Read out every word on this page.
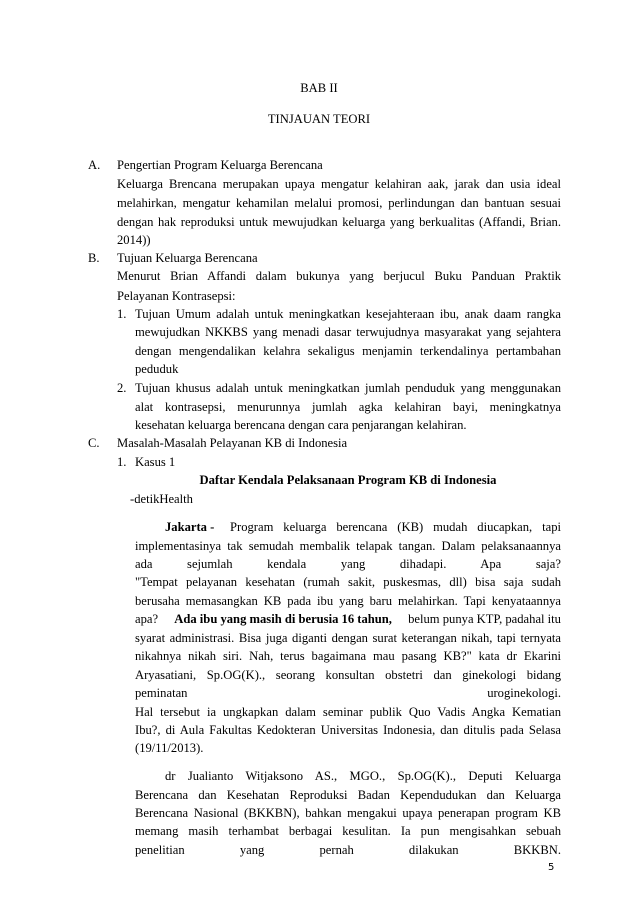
BAB II
TINJAUAN TEORI
A. Pengertian Program Keluarga Berencana
Keluarga Brencana merupakan upaya mengatur kelahiran aak, jarak dan usia ideal
melahirkan, mengatur kehamilan melalui promosi, perlindungan dan bantuan sesuai
dengan hak reproduksi untuk mewujudkan keluarga yang berkualitas (Affandi, Brian.
2014))
B. Tujuan Keluarga Berencana
Menurut Brian Affandi dalam bukunya yang berjucul Buku Panduan Praktik
Pelayanan Kontrasepsi:
1. Tujuan Umum adalah untuk meningkatkan kesejahteraan ibu, anak daam rangka
mewujudkan NKKBS yang menadi dasar terwujudnya masyarakat yang sejahtera
dengan mengendalikan kelahra sekaligus menjamin terkendalinya pertambahan
peduduk
2. Tujuan khusus adalah untuk meningkatkan jumlah penduduk yang menggunakan
alat kontrasepsi, menurunnya jumlah agka kelahiran bayi, meningkatnya
kesehatan keluarga berencana dengan cara penjarangan kelahiran.
C. Masalah-Masalah Pelayanan KB di Indonesia
1. Kasus 1
Daftar Kendala Pelaksanaan Program KB di Indonesia
-detikHealth
Jakarta - Program keluarga berencana (KB) mudah diucapkan, tapi
implementasinya tak semudah membalik telapak tangan. Dalam pelaksanaannya
ada sejumlah kendala yang dihadapi. Apa saja?
"Tempat pelayanan kesehatan (rumah sakit, puskesmas, dll) bisa saja sudah
berusaha memasangkan KB pada ibu yang baru melahirkan. Tapi kenyataannya
apa? Ada ibu yang masih di berusia 16 tahun, belum punya KTP, padahal itu
syarat administrasi. Bisa juga diganti dengan surat keterangan nikah, tapi ternyata
nikahnya nikah siri. Nah, terus bagaimana mau pasang KB?" kata dr Ekarini
Aryasatiani, Sp.OG(K)., seorang konsultan obstetri dan ginekologi bidang
peminatan uroginekologi.
Hal tersebut ia ungkapkan dalam seminar publik Quo Vadis Angka Kematian
Ibu?, di Aula Fakultas Kedokteran Universitas Indonesia, dan ditulis pada Selasa
(19/11/2013).
dr Jualianto Witjaksono AS., MGO., Sp.OG(K)., Deputi Keluarga
Berencana dan Kesehatan Reproduksi Badan Kependudukan dan Keluarga
Berencana Nasional (BKKBN), bahkan mengakui upaya penerapan program KB
memang masih terhambat berbagai kesulitan. Ia pun mengisahkan sebuah
penelitian yang pernah dilakukan BKKBN.
5
